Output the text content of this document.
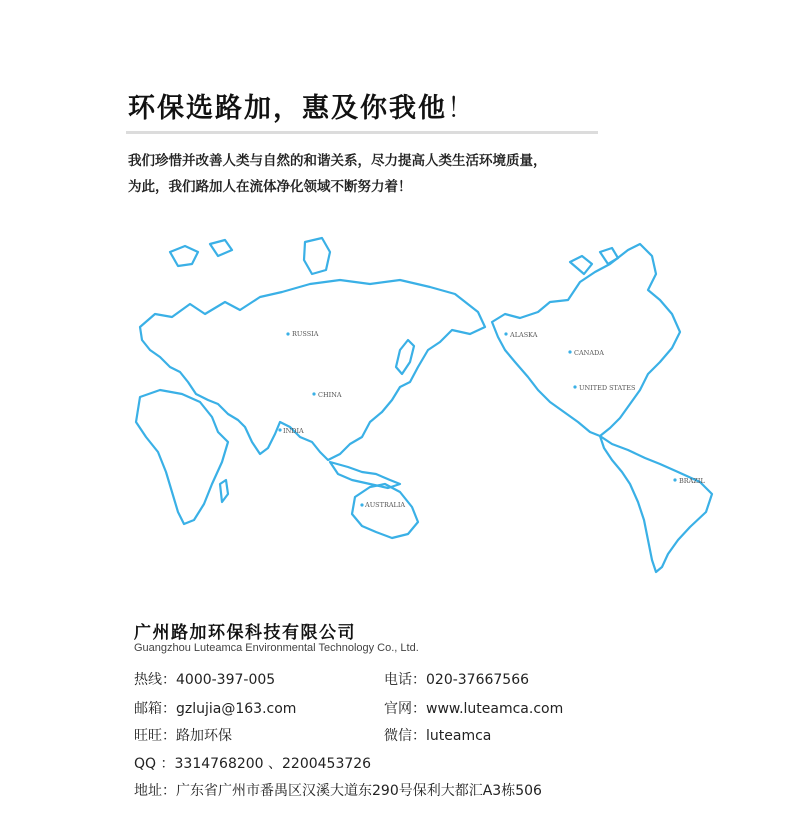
环保选路加，惠及你我他！
我们珍惜并改善人类与自然的和谐关系，尽力提高人类生活环境质量，
为此，我们路加人在流体净化领域不断努力着！
RUSSIA
CHINA
INDIA
AUSTRALIA
ALASKA
CANADA
UNITED STATES
BRAZIL
广州路加环保科技有限公司
Guangzhou Luteamca Environmental Technology Co., Ltd.
热线：4000-397-005	电话：020-37667566
邮箱：gzlujia@163.com	官网：www.luteamca.com
旺旺：路加环保	微信：luteamca
QQ ：3314768200 、2200453726
地址：广东省广州市番禺区汉溪大道东290号保利大都汇A3栋506
